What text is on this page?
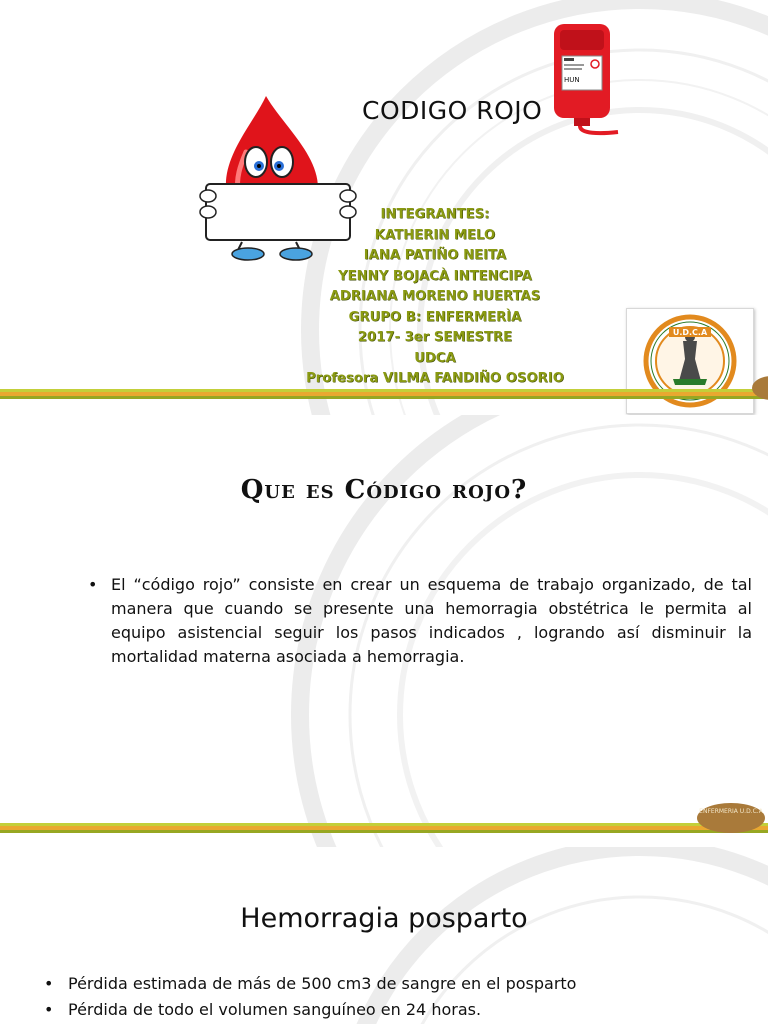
CODIGO ROJO
HUN
INTEGRANTES:
KATHERIN MELO
IANA PATIÑO NEITA
YENNY BOJACÀ INTENCIPA
ADRIANA MORENO HUERTAS
GRUPO B: ENFERMERÌA
2017- 3er SEMESTRE
UDCA
Profesora VILMA FANDIÑO OSORIO
U.D.C.A
Que es Código rojo?
• El “código rojo” consiste en crear un esquema de trabajo organizado, de tal manera que cuando se presente una hemorragia obstétrica le permita al equipo asistencial seguir los pasos indicados , logrando así disminuir la mortalidad materna asociada a hemorragia.

ENFERMERIA U.D.C.A
Hemorragia posparto
• Pérdida estimada de más de 500 cm3 de sangre en el posparto
• Pérdida de todo el volumen sanguíneo en 24 horas.
